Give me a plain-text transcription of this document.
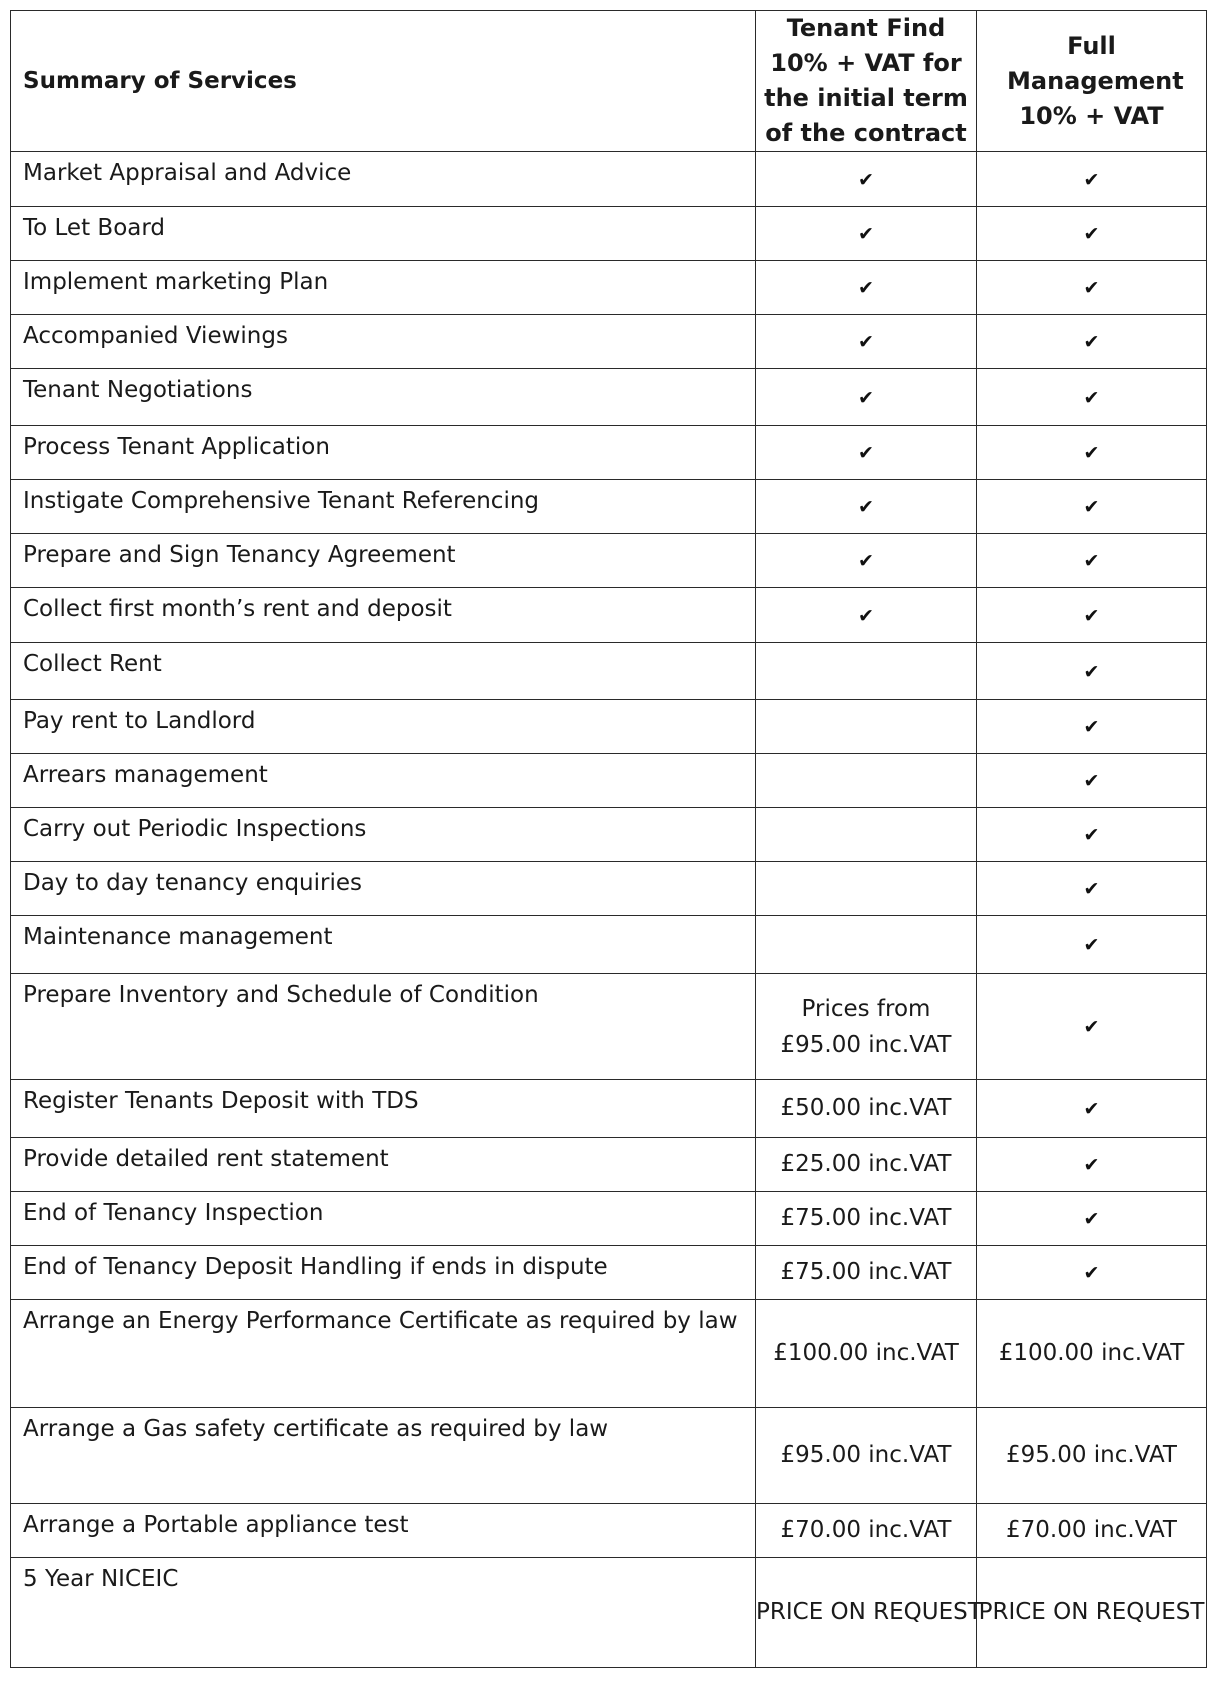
Summary of Services	Tenant Find 10% + VAT for the initial term of the contract	Full Management 10% + VAT

Market Appraisal and Advice	✔	✔
To Let Board	✔	✔
Implement marketing Plan	✔	✔
Accompanied Viewings	✔	✔
Tenant Negotiations	✔	✔
Process Tenant Application	✔	✔
Instigate Comprehensive Tenant Referencing	✔	✔
Prepare and Sign Tenancy Agreement	✔	✔
Collect first month’s rent and deposit	✔	✔
Collect Rent		✔
Pay rent to Landlord		✔
Arrears management		✔
Carry out Periodic Inspections		✔
Day to day tenancy enquiries		✔
Maintenance management		✔
Prepare Inventory and Schedule of Condition	Prices from £95.00 inc.VAT	✔
Register Tenants Deposit with TDS	£50.00 inc.VAT	✔
Provide detailed rent statement	£25.00 inc.VAT	✔
End of Tenancy Inspection	£75.00 inc.VAT	✔
End of Tenancy Deposit Handling if ends in dispute	£75.00 inc.VAT	✔
Arrange an Energy Performance Certificate as required by law	£100.00 inc.VAT	£100.00 inc.VAT

Arrange a Gas safety certificate as required by law	£95.00 inc.VAT	£95.00 inc.VAT

Arrange a Portable appliance test	£70.00 inc.VAT	£70.00 inc.VAT

5 Year NICEIC	PRICE ON REQUEST	PRICE ON REQUEST
